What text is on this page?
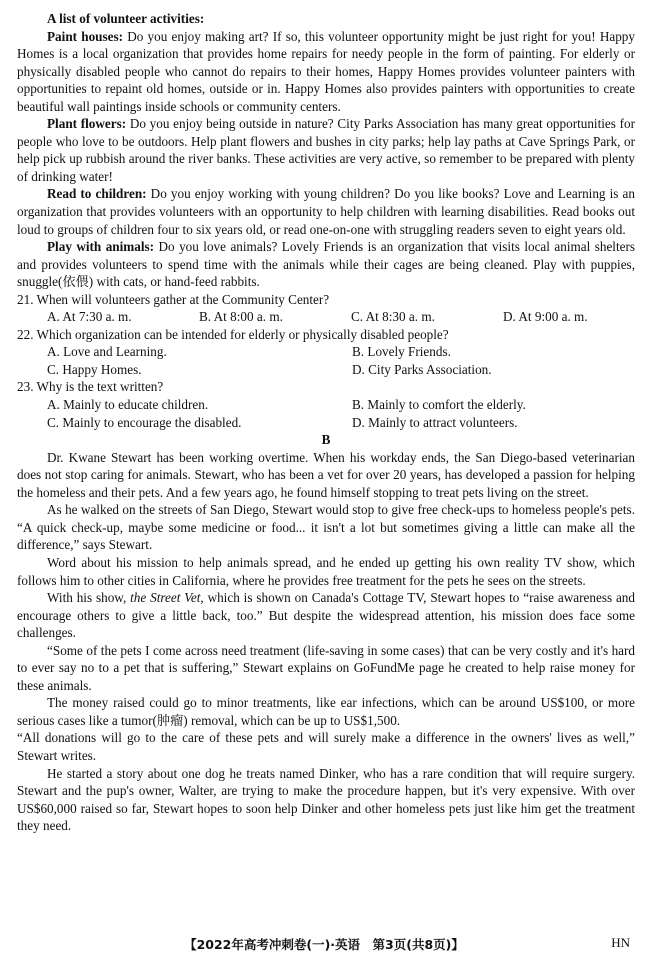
A list of volunteer activities:

Paint houses: Do you enjoy making art? If so, this volunteer opportunity might be just right for you! Happy Homes is a local organization that provides home repairs for needy people in the form of painting. For elderly or physically disabled people who cannot do repairs to their homes, Happy Homes provides volunteer painters with opportunities to repaint old homes, outside or in. Happy Homes also provides painters with opportunities to create beautiful wall paintings inside schools or community centers.

Plant flowers: Do you enjoy being outside in nature? City Parks Association has many great opportunities for people who love to be outdoors. Help plant flowers and bushes in city parks; help lay paths at Cave Springs Park, or help pick up rubbish around the river banks. These activities are very active, so remember to be prepared with plenty of drinking water!

Read to children: Do you enjoy working with young children? Do you like books? Love and Learning is an organization that provides volunteers with an opportunity to help children with learning disabilities. Read books out loud to groups of children four to six years old, or read one-on-one with struggling readers seven to eight years old.

Play with animals: Do you love animals? Lovely Friends is an organization that visits local animal shelters and provides volunteers to spend time with the animals while their cages are being cleaned. Play with puppies, snuggle(依偎) with cats, or hand-feed rabbits.

21. When will volunteers gather at the Community Center?

A. At 7:30 a. m.	B. At 8:00 a. m.	C. At 8:30 a. m.	D. At 9:00 a. m.

22. Which organization can be intended for elderly or physically disabled people?

A. Love and Learning.	B. Lovely Friends.
C. Happy Homes.	D. City Parks Association.

23. Why is the text written?

A. Mainly to educate children.	B. Mainly to comfort the elderly.
C. Mainly to encourage the disabled.	D. Mainly to attract volunteers.

B

Dr. Kwane Stewart has been working overtime. When his workday ends, the San Diego-based veterinarian does not stop caring for animals. Stewart, who has been a vet for over 20 years, has developed a passion for helping the homeless and their pets. And a few years ago, he found himself stopping to treat pets living on the street.

As he walked on the streets of San Diego, Stewart would stop to give free check-ups to homeless people's pets. “A quick check-up, maybe some medicine or food... it isn't a lot but sometimes giving a little can make all the difference,” says Stewart.

Word about his mission to help animals spread, and he ended up getting his own reality TV show, which follows him to other cities in California, where he provides free treatment for the pets he sees on the streets.

With his show, the Street Vet, which is shown on Canada's Cottage TV, Stewart hopes to “raise awareness and encourage others to give a little back, too.” But despite the widespread attention, his mission does face some challenges.

“Some of the pets I come across need treatment (life-saving in some cases) that can be very costly and it's hard to ever say no to a pet that is suffering,” Stewart explains on GoFundMe page he created to help raise money for these animals.

The money raised could go to minor treatments, like ear infections, which can be around US$100, or more serious cases like a tumor(肿瘤) removal, which can be up to US$1,500.

“All donations will go to the care of these pets and will surely make a difference in the owners' lives as well,” Stewart writes.

He started a story about one dog he treats named Dinker, who has a rare condition that will require surgery. Stewart and the pup's owner, Walter, are trying to make the procedure happen, but it's very expensive. With over US$60,000 raised so far, Stewart hopes to soon help Dinker and other homeless pets just like him get the treatment they need.

【2022年高考冲刺卷(一)·英语　第3页(共8页)】	HN
